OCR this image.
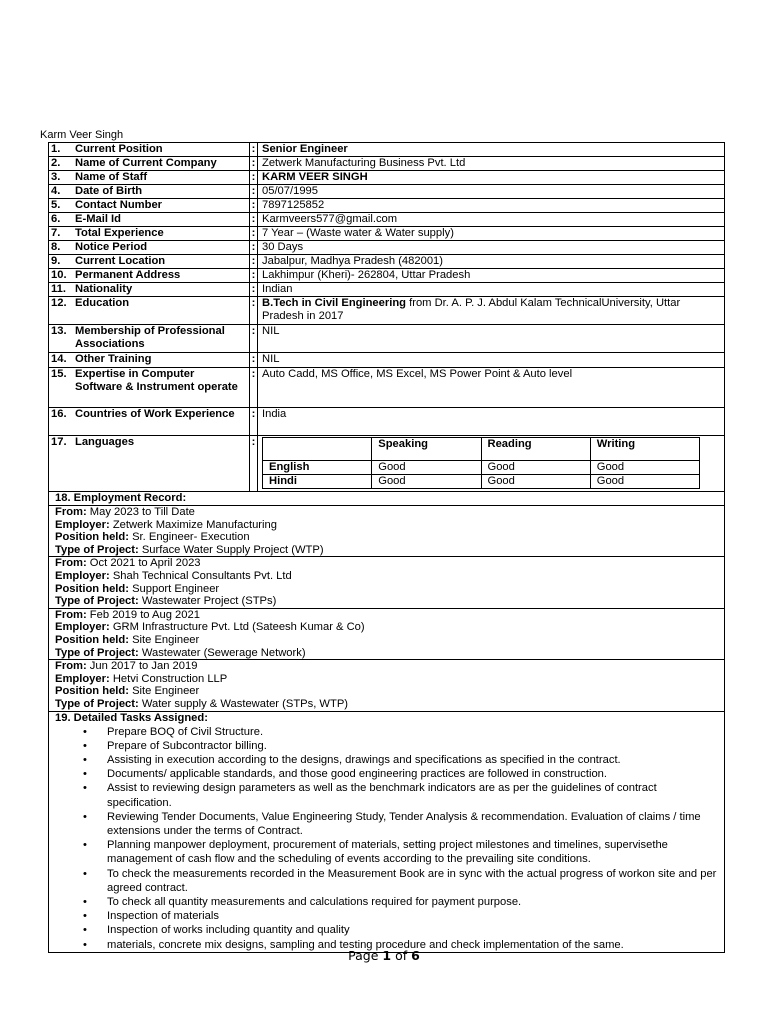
Karm Veer Singh
1. Current Position	:	Senior Engineer
2. Name of Current Company	:	Zetwerk Manufacturing Business Pvt. Ltd
3. Name of Staff	:	KARM VEER SINGH
4. Date of Birth	:	05/07/1995
5. Contact Number	:	7897125852
6. E-Mail Id	:	Karmveers577@gmail.com
7. Total Experience	:	7 Year – (Waste water & Water supply)
8. Notice Period	:	30 Days
9. Current Location	:	Jabalpur, Madhya Pradesh (482001)
10. Permanent Address	:	Lakhimpur (Kheri)- 262804, Uttar Pradesh
11. Nationality	:	Indian
12. Education	:	B.Tech in Civil Engineering from Dr. A. P. J. Abdul Kalam TechnicalUniversity, Uttar Pradesh in 2017
13. Membership of Professional Associations	:	NIL
14. Other Training	:	NIL
15. Expertise in Computer Software & Instrument operate	:	Auto Cadd, MS Office, MS Excel, MS Power Point & Auto level
16. Countries of Work Experience	:	India
17. Languages	:	
		Speaking	Reading	Writing
English	Good	Good	Good
Hindi	Good	Good	Good

18. Employment Record:

From: May 2023 to Till Date
Employer: Zetwerk Maximize Manufacturing
Position held: Sr. Engineer- Execution
Type of Project: Surface Water Supply Project (WTP)

From: Oct 2021 to April 2023
Employer: Shah Technical Consultants Pvt. Ltd
Position held: Support Engineer
Type of Project: Wastewater Project (STPs)

From: Feb 2019 to Aug 2021
Employer: GRM Infrastructure Pvt. Ltd (Sateesh Kumar & Co)
Position held: Site Engineer
Type of Project: Wastewater (Sewerage Network)

From: Jun 2017 to Jan 2019
Employer: Hetvi Construction LLP
Position held: Site Engineer
Type of Project: Water supply & Wastewater (STPs, WTP)

19. Detailed Tasks Assigned:
• Prepare BOQ of Civil Structure.
• Prepare of Subcontractor billing.
• Assisting in execution according to the designs, drawings and specifications as specified in the contract.
• Documents/ applicable standards, and those good engineering practices are followed in construction.
• Assist to reviewing design parameters as well as the benchmark indicators are as per the guidelines of contract specification.
• Reviewing Tender Documents, Value Engineering Study, Tender Analysis & recommendation. Evaluation of claims / time extensions under the terms of Contract.
• Planning manpower deployment, procurement of materials, setting project milestones and timelines, supervisethe management of cash flow and the scheduling of events according to the prevailing site conditions.
• To check the measurements recorded in the Measurement Book are in sync with the actual progress of workon site and per agreed contract.
• To check all quantity measurements and calculations required for payment purpose.
• Inspection of materials
• Inspection of works including quantity and quality
• materials, concrete mix designs, sampling and testing procedure and check implementation of the same.
Page 1 of 6
